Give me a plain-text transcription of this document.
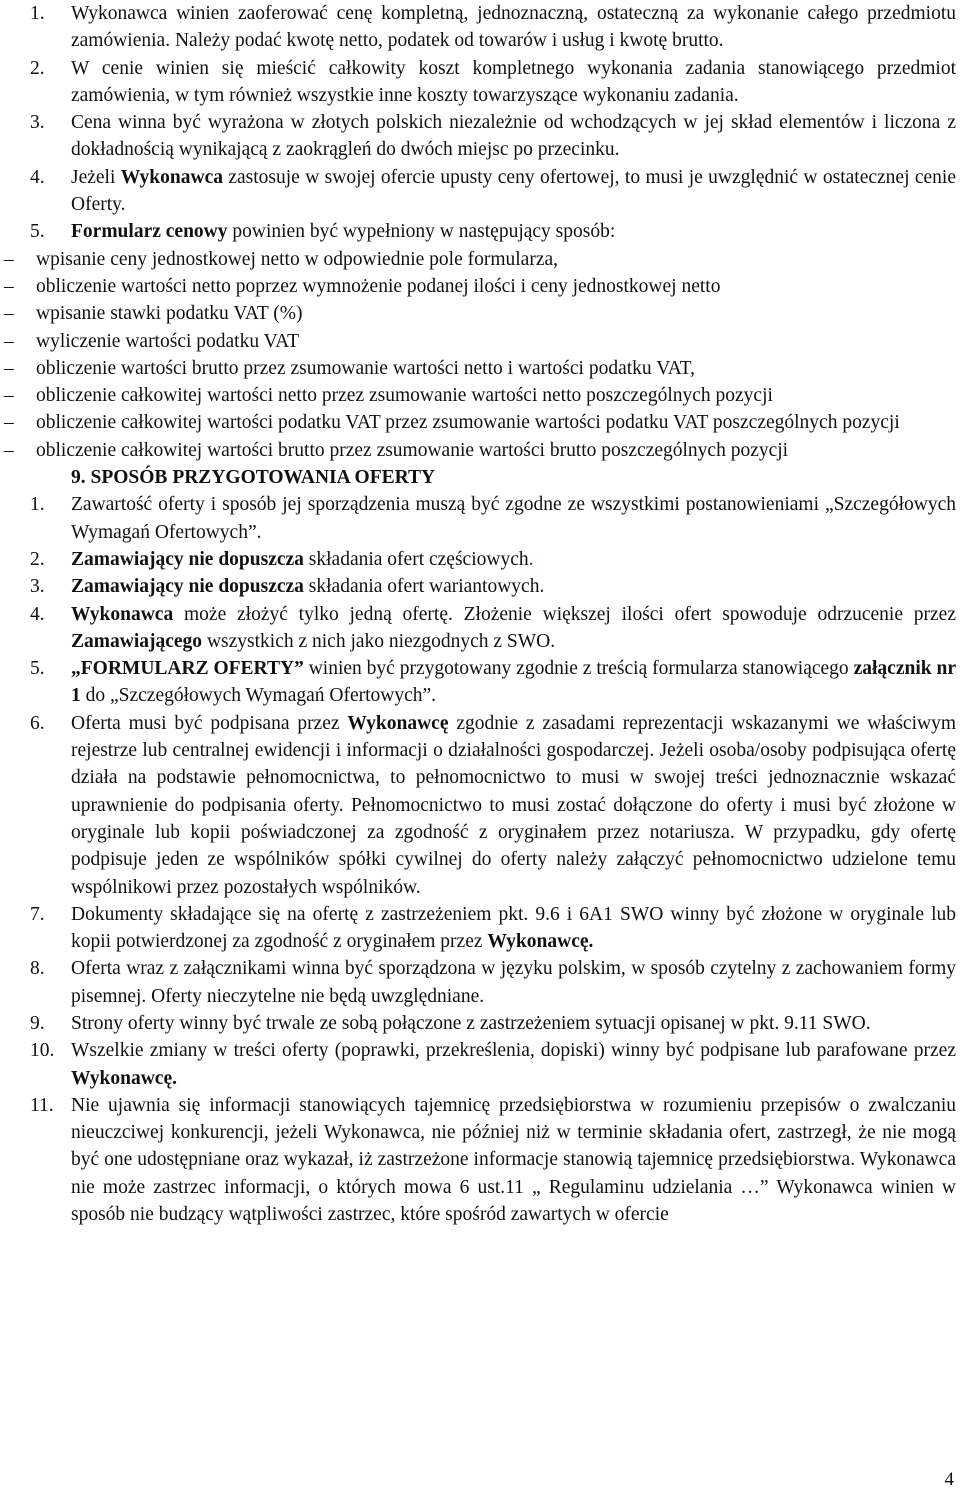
1. Wykonawca winien zaoferować cenę kompletną, jednoznaczną, ostateczną za wykonanie całego przedmiotu zamówienia. Należy podać kwotę netto, podatek od towarów i usług i kwotę brutto.
2. W cenie winien się mieścić całkowity koszt kompletnego wykonania zadania stanowiącego przedmiot zamówienia, w tym również wszystkie inne koszty towarzyszące wykonaniu zadania.
3. Cena winna być wyrażona w złotych polskich niezależnie od wchodzących w jej skład elementów i liczona z dokładnością wynikającą z zaokrągleń do dwóch miejsc po przecinku.
4. Jeżeli Wykonawca zastosuje w swojej ofercie upusty ceny ofertowej, to musi je uwzględnić w ostatecznej cenie Oferty.
5. Formularz cenowy powinien być wypełniony w następujący sposób:
– wpisanie ceny jednostkowej netto w odpowiednie pole formularza,
– obliczenie wartości netto poprzez wymnożenie podanej ilości i ceny jednostkowej netto
– wpisanie stawki podatku VAT (%)
– wyliczenie wartości podatku VAT
– obliczenie wartości brutto przez zsumowanie wartości netto i wartości podatku VAT,
– obliczenie całkowitej wartości netto przez zsumowanie wartości netto poszczególnych pozycji
– obliczenie całkowitej wartości podatku VAT przez zsumowanie wartości podatku VAT poszczególnych pozycji
– obliczenie całkowitej wartości brutto przez zsumowanie wartości brutto poszczególnych pozycji
9. SPOSÓB PRZYGOTOWANIA OFERTY
1. Zawartość oferty i sposób jej sporządzenia muszą być zgodne ze wszystkimi postanowieniami „Szczegółowych Wymagań Ofertowych”.
2. Zamawiający nie dopuszcza składania ofert częściowych.
3. Zamawiający nie dopuszcza składania ofert wariantowych.
4. Wykonawca może złożyć tylko jedną ofertę. Złożenie większej ilości ofert spowoduje odrzucenie przez Zamawiającego wszystkich z nich jako niezgodnych z SWO.
5. „FORMULARZ OFERTY” winien być przygotowany zgodnie z treścią formularza stanowiącego załącznik nr 1 do „Szczegółowych Wymagań Ofertowych”.
6. Oferta musi być podpisana przez Wykonawcę zgodnie z zasadami reprezentacji wskazanymi we właściwym rejestrze lub centralnej ewidencji i informacji o działalności gospodarczej. Jeżeli osoba/osoby podpisująca ofertę działa na podstawie pełnomocnictwa, to pełnomocnictwo to musi w swojej treści jednoznacznie wskazać uprawnienie do podpisania oferty. Pełnomocnictwo to musi zostać dołączone do oferty i musi być złożone w oryginale lub kopii poświadczonej za zgodność z oryginałem przez notariusza. W przypadku, gdy ofertę podpisuje jeden ze wspólników spółki cywilnej do oferty należy załączyć pełnomocnictwo udzielone temu wspólnikowi przez pozostałych wspólników.
7. Dokumenty składające się na ofertę z zastrzeżeniem pkt. 9.6 i 6A1 SWO winny być złożone w oryginale lub kopii potwierdzonej za zgodność z oryginałem przez Wykonawcę.
8. Oferta wraz z załącznikami winna być sporządzona w języku polskim, w sposób czytelny z zachowaniem formy pisemnej. Oferty nieczytelne nie będą uwzględniane.
9. Strony oferty winny być trwale ze sobą połączone z zastrzeżeniem sytuacji opisanej w pkt. 9.11 SWO.
10. Wszelkie zmiany w treści oferty (poprawki, przekreślenia, dopiski) winny być podpisane lub parafowane przez Wykonawcę.
11. Nie ujawnia się informacji stanowiących tajemnicę przedsiębiorstwa w rozumieniu przepisów o zwalczaniu nieuczciwej konkurencji, jeżeli Wykonawca, nie później niż w terminie składania ofert, zastrzegł, że nie mogą być one udostępniane oraz wykazał, iż zastrzeżone informacje stanowią tajemnicę przedsiębiorstwa. Wykonawca nie może zastrzec informacji, o których mowa 6 ust.11 „ Regulaminu udzielania …” Wykonawca winien w sposób nie budzący wątpliwości zastrzec, które spośród zawartych w ofercie
4
